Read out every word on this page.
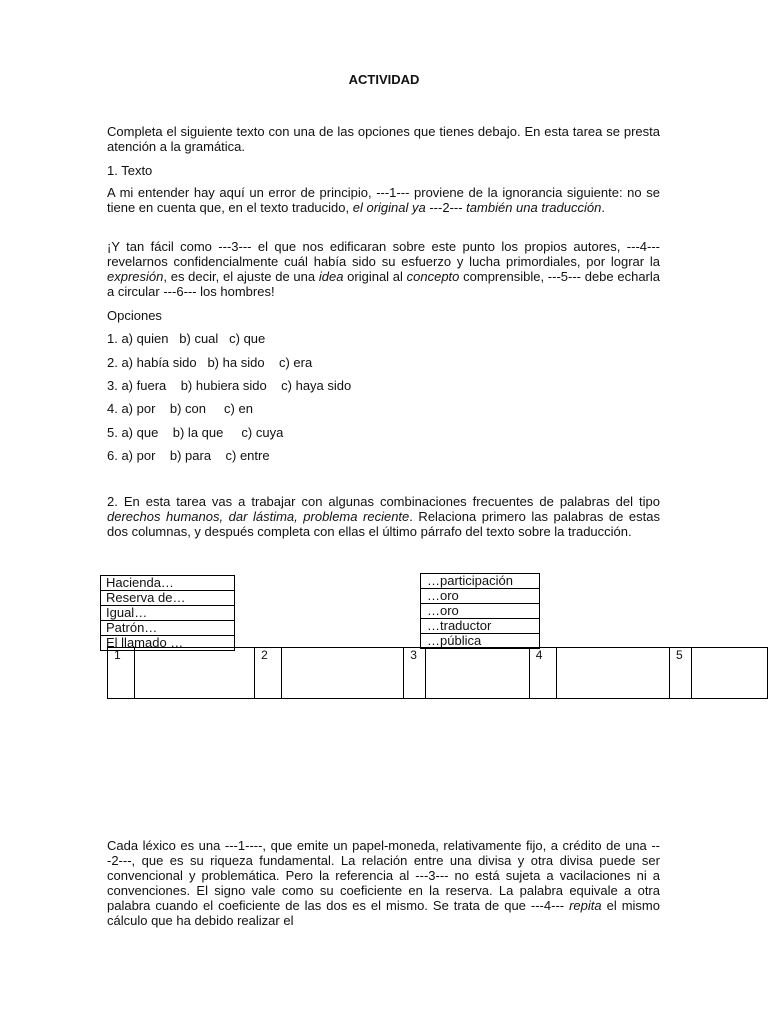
ACTIVIDAD
Completa el siguiente texto con una de las opciones que tienes debajo. En esta tarea se presta atención a la gramática.
1. Texto
A mi entender hay aquí un error de principio, ---1--- proviene de la ignorancia siguiente: no se tiene en cuenta que, en el texto traducido, el original ya ---2--- también una traducción.
¡Y tan fácil como ---3--- el que nos edificaran sobre este punto los propios autores, ---4--- revelarnos confidencialmente cuál había sido su esfuerzo y lucha primordiales, por lograr la expresión, es decir, el ajuste de una idea original al concepto comprensible, ---5--- debe echarla a circular ---6--- los hombres!
Opciones
1. a) quien   b) cual   c) que
2. a) había sido   b) ha sido    c) era
3. a) fuera    b) hubiera sido    c) haya sido
4. a) por    b) con     c) en
5. a) que    b) la que     c) cuya
6. a) por    b) para    c) entre
2. En esta tarea vas a trabajar con algunas combinaciones frecuentes de palabras del tipo derechos humanos, dar lástima, problema reciente. Relaciona primero las palabras de estas dos columnas, y después completa con ellas el último párrafo del texto sobre la traducción.
Hacienda…
Reserva de…
Igual…
Patrón…
El llamado …
…participación
…oro
…oro
…traductor
…pública
1		2		3		4		5	
Cada léxico es una ---1----, que emite un papel-moneda, relativamente fijo, a crédito de una ---2---, que es su riqueza fundamental. La relación entre una divisa y otra divisa puede ser convencional y problemática. Pero la referencia al ---3--- no está sujeta a vacilaciones ni a convenciones. El signo vale como su coeficiente en la reserva. La palabra equivale a otra palabra cuando el coeficiente de las dos es el mismo. Se trata de que ---4--- repita el mismo cálculo que ha debido realizar el
